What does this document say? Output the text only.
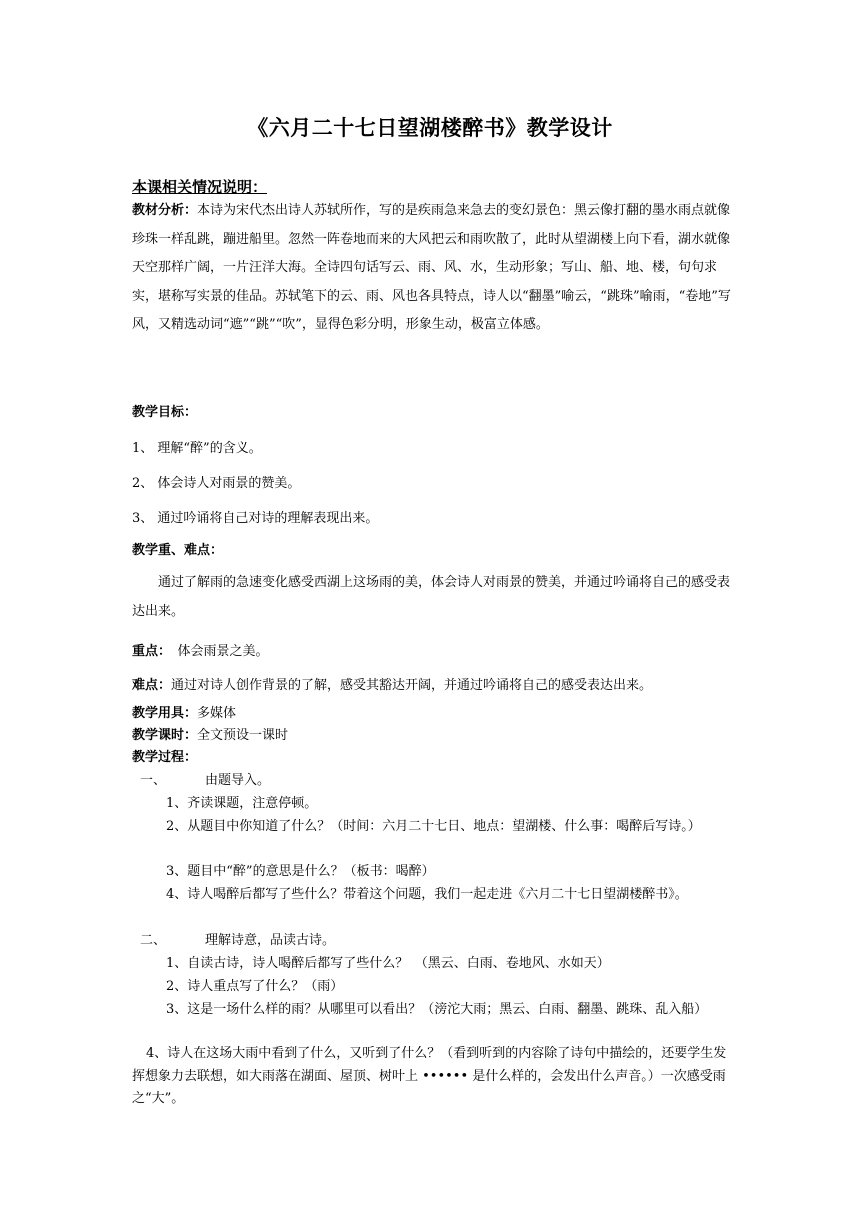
《六月二十七日望湖楼醉书》教学设计
本课相关情况说明：
教材分析：本诗为宋代杰出诗人苏轼所作，写的是疾雨急来急去的变幻景色：黑云像打翻的墨水雨点就像珍珠一样乱跳，蹦进船里。忽然一阵卷地而来的大风把云和雨吹散了，此时从望湖楼上向下看，湖水就像天空那样广阔，一片汪洋大海。全诗四句话写云、雨、风、水，生动形象；写山、船、地、楼，句句求实，堪称写实景的佳品。苏轼笔下的云、雨、风也各具特点，诗人以“翻墨”喻云，“跳珠”喻雨，“卷地”写风，又精选动词“遮”“跳”“吹”，显得色彩分明，形象生动，极富立体感。
教学目标：
1、 理解“醉”的含义。
2、 体会诗人对雨景的赞美。
3、 通过吟诵将自己对诗的理解表现出来。
教学重、难点：
通过了解雨的急速变化感受西湖上这场雨的美，体会诗人对雨景的赞美，并通过吟诵将自己的感受表达出来。
重点：　体会雨景之美。
难点：通过对诗人创作背景的了解，感受其豁达开阔，并通过吟诵将自己的感受表达出来。
教学用具：多媒体
教学课时：全文预设一课时
教学过程：
一、	由题导入。
1、齐读课题，注意停顿。
2、从题目中你知道了什么？（时间：六月二十七日、地点：望湖楼、什么事：喝醉后写诗。）
3、题目中“醉”的意思是什么？（板书：喝醉）
4、诗人喝醉后都写了些什么？带着这个问题，我们一起走进《六月二十七日望湖楼醉书》。
二、	理解诗意，品读古诗。
1、自读古诗，诗人喝醉后都写了些什么？　（黑云、白雨、卷地风、水如天）
2、诗人重点写了什么？（雨）
3、这是一场什么样的雨？从哪里可以看出？（滂沱大雨；黑云、白雨、翻墨、跳珠、乱入船）
4、诗人在这场大雨中看到了什么，又听到了什么？（看到听到的内容除了诗句中描绘的，还要学生发挥想象力去联想，如大雨落在湖面、屋顶、树叶上 •••••• 是什么样的，会发出什么声音。）一次感受雨之“大”。
